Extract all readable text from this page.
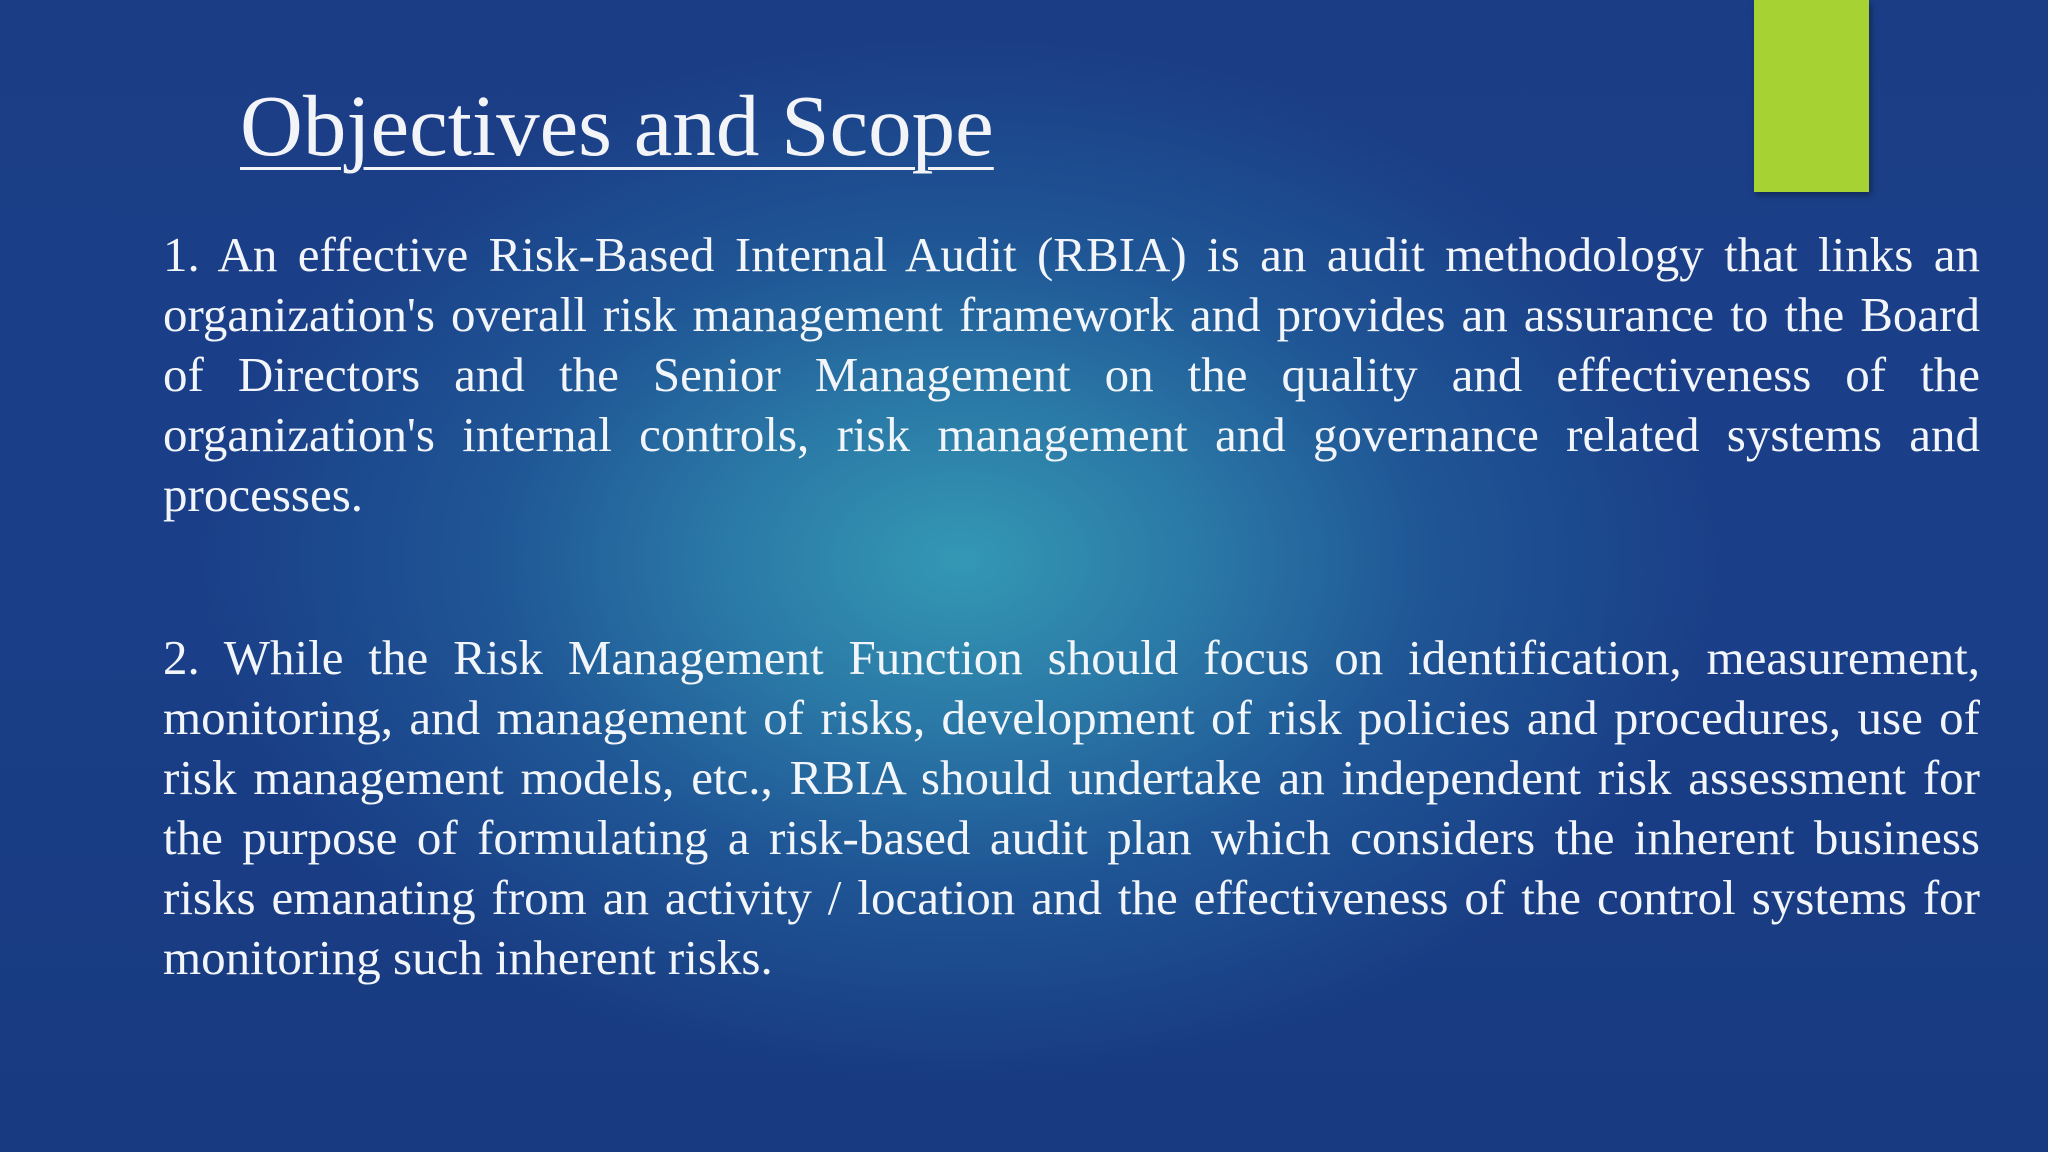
Objectives and Scope

1. An effective Risk-Based Internal Audit (RBIA) is an audit methodology that links an organization's overall risk management framework and provides an assurance to the Board of Directors and the Senior Management on the quality and effectiveness of the organization's internal controls, risk management and governance related systems and processes.

2. While the Risk Management Function should focus on identification, measurement, monitoring, and management of risks, development of risk policies and procedures, use of risk management models, etc., RBIA should undertake an independent risk assessment for the purpose of formulating a risk-based audit plan which considers the inherent business risks emanating from an activity / location and the effectiveness of the control systems for monitoring such inherent risks.
